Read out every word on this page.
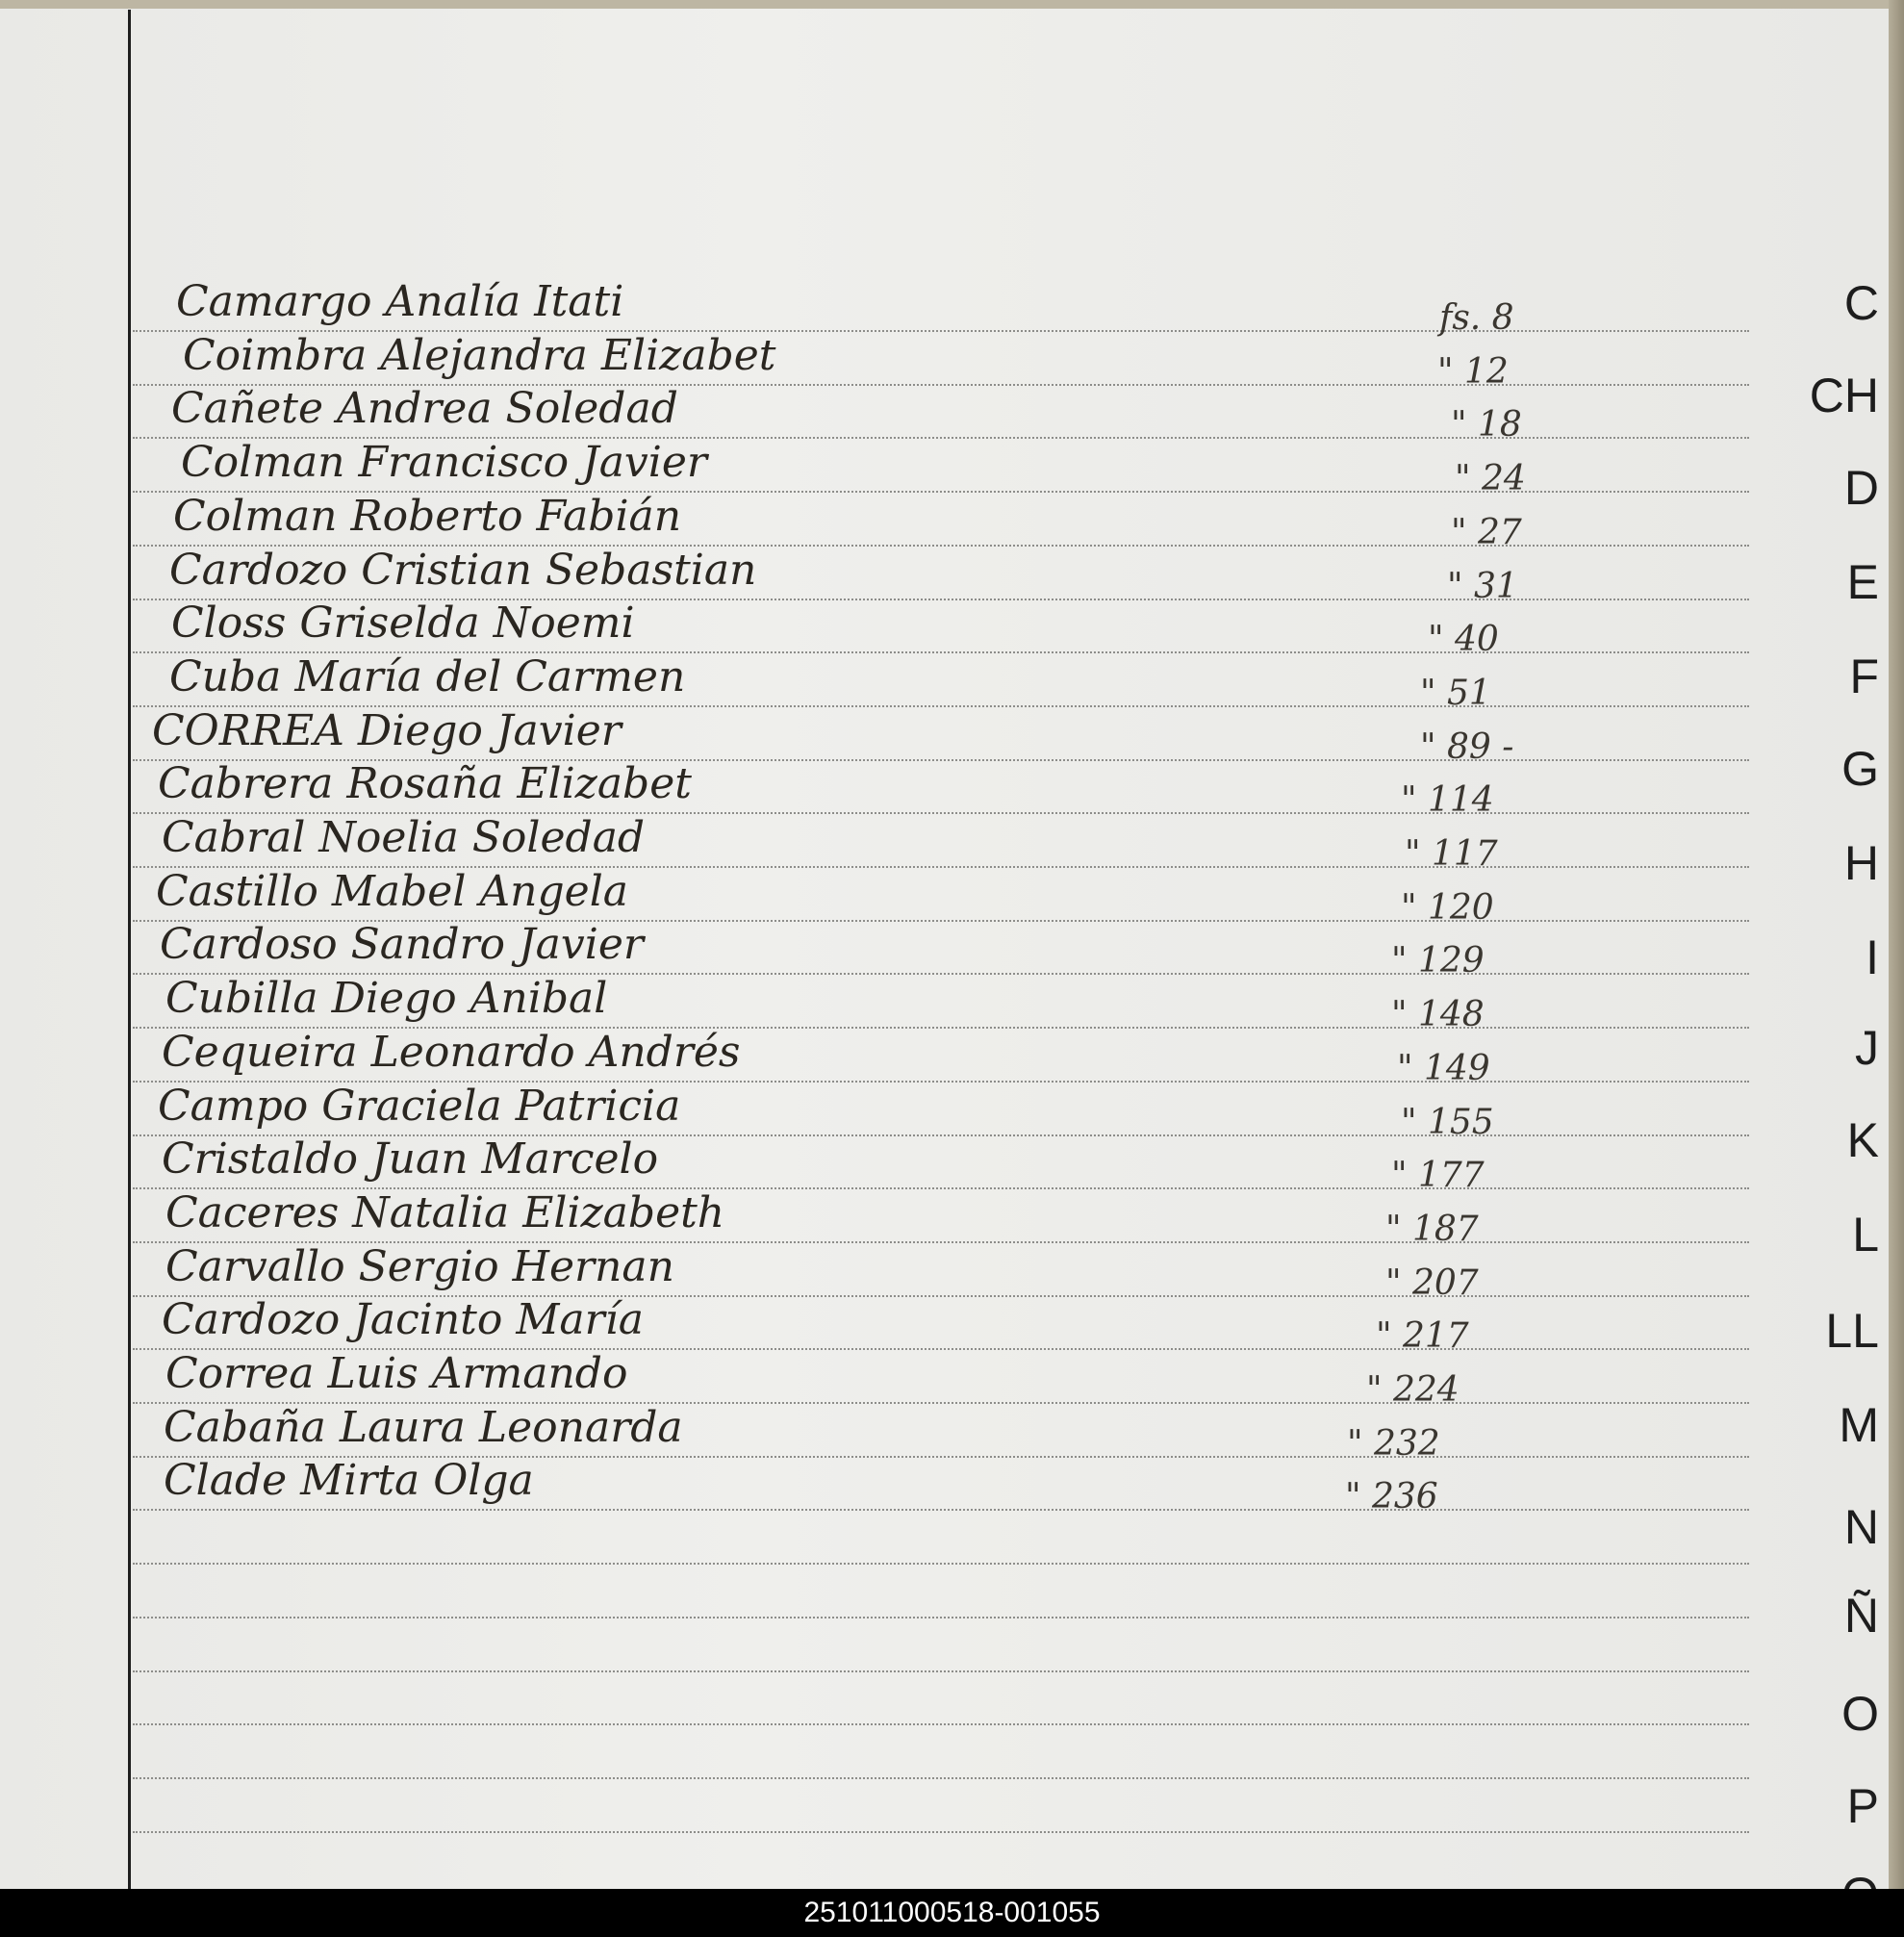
Camargo Analía Itati	fs. 8
Coimbra Alejandra Elizabet	" 12
Cañete Andrea Soledad	" 18
Colman Francisco Javier	" 24
Colman Roberto Fabián	" 27
Cardozo Cristian Sebastian	" 31
Closs Griselda Noemi	" 40
Cuba María del Carmen	" 51
CORREA Diego Javier	" 89 -
Cabrera Rosaña Elizabet	" 114
Cabral Noelia Soledad	" 117
Castillo Mabel Angela	" 120
Cardoso Sandro Javier	" 129
Cubilla Diego Anibal	" 148
Cequeira Leonardo Andrés	" 149
Campo Graciela Patricia	" 155
Cristaldo Juan Marcelo	" 177
Caceres Natalia Elizabeth	" 187
Carvallo Sergio Hernan	" 207
Cardozo Jacinto María	" 217
Correa Luis Armando	" 224
Cabaña Laura Leonarda	" 232
Clade Mirta Olga	" 236
C
CH
D
E
F
G
H
I
J
K
L
LL
M
N
Ñ
O
P
251011000518-001055
